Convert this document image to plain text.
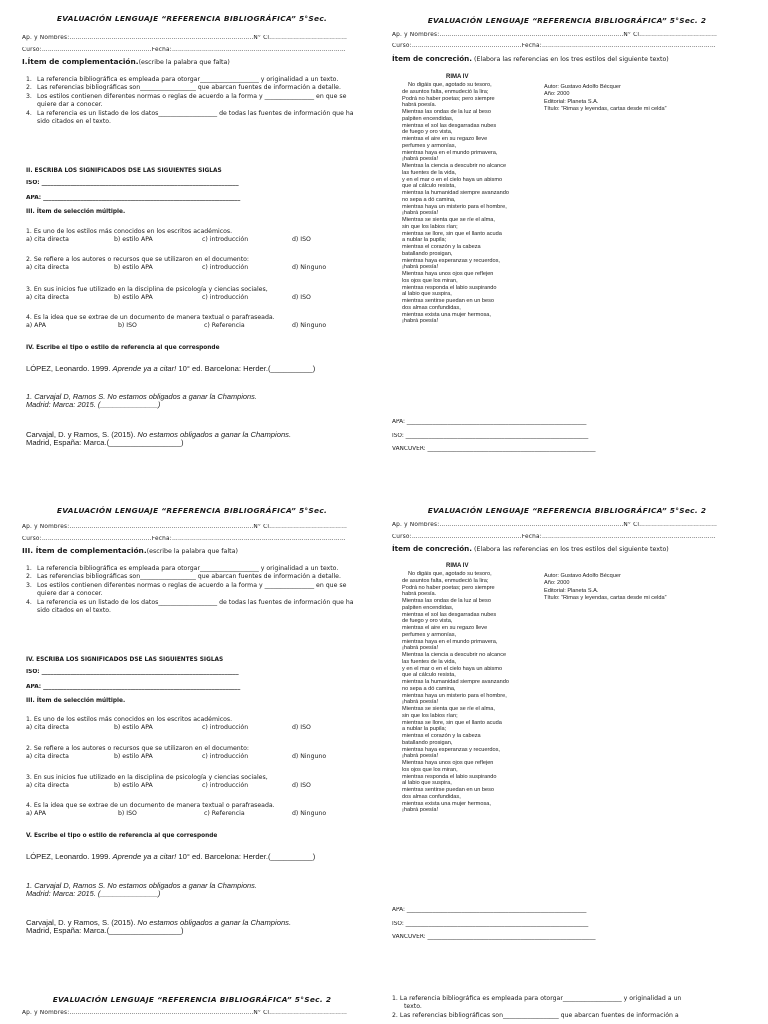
EVALUACIÓN LENGUAJE “REFERENCIA BIBLIOGRÁFICA” 5°Sec.
Ap. y Nombres:………………………………………………………………………………..N° Cl…………………………………
Curso:……………………………………………….Fecha:……………………………………………………………………………
I.Ítem de complementación.(escribe la palabra que falta)
1. La referencia bibliográfica es empleada para otorgar___________________ y originalidad a un texto.
2. Las referencias bibliográficas son__________________ que abarcan fuentes de información a detalle.
3. Los estilos contienen diferentes normas o reglas de acuerdo a la forma y ________________ en que se quiere dar a conocer.
4. La referencia es un listado de los datos___________________ de todas las fuentes de información que ha sido citados en el texto.
II. ESCRIBA LOS SIGNIFICADOS DSE LAS SIGUIENTES SIGLAS
ISO: ____________________________________________________________________
APA: ____________________________________________________________________
III. Ítem de selección múltiple.
1. Es uno de los estilos más conocidos en los escritos académicos.
a) cita directa	b) estilo APA	c) introducción	d) ISO
2. Se refiere a los autores o recursos que se utilizaron en el documento:
a) cita directa	b) estilo APA	c) introducción	d) Ninguno
3. En sus inicios fue utilizado en la disciplina de psicología y ciencias sociales,
a) cita directa	b) estilo APA	c) introducción	d) ISO
4. Es la idea que se extrae de un documento de manera textual o parafraseada.
a) APA	b) ISO	c) Referencia	d) Ninguno
IV. Escribe el tipo o estilo de referencia al que corresponde
LÓPEZ, Leonardo. 1999. Aprende ya a citar! 10° ed. Barcelona: Herder.(__________)
1. Carvajal D, Ramos S. No estamos obligados a ganar la Champions.
Madrid: Marca: 2015. (______________)
Carvajal, D. y Ramos, S. (2015). No estamos obligados a ganar la Champions.
Madrid, España: Marca.(_________________)
EVALUACIÓN LENGUAJE “REFERENCIA BIBLIOGRÁFICA” 5°Sec. 2
Ap. y Nombres:………………………………………………………………………………..N° Cl…………………………………
Curso:……………………………………………….Fecha:……………………………………………………………………………
Ítem de concreción. (Elabora las referencias en los tres estilos del siguiente texto)
RIMA IV
No digáis que, agotado su tesoro,
de asuntos falta, enmudeció la lira;
Podrá no haber poetas; pero siempre
habrá poesía.
Mientras las ondas de la luz al beso
palpiten encendidas,
mientras el sol las desgarradas nubes
de fuego y oro vista,
mientras el aire en su regazo lleve
perfumes y armonías,
mientras haya en el mundo primavera,
¡habrá poesía!
Mientras la ciencia a descubrir no alcance
las fuentes de la vida,
y en el mar o en el cielo haya un abismo
que al cálculo resista,
mientras la humanidad siempre avanzando
no sepa a dó camina,
mientras haya un misterio para el hombre,
¡habrá poesía!
Mientras se sienta que se ríe el alma,
sin que los labios rían;
mientras se llore, sin que el llanto acuda
a nublar la pupila;
mientras el corazón y la cabeza
batallando prosigan,
mientras haya esperanzas y recuerdos,
¡habrá poesía!
Mientras haya unos ojos que reflejen
los ojos que los miran,
mientras responda el labio suspirando
al labio que suspira,
mientras sentirse puedan en un beso
dos almas confundidas,
mientras exista una mujer hermosa,
¡habrá poesía!
Autor: Gustavo Adolfo Bécquer
Año: 2000
Editorial: Planeta S.A.
Título: “Rimas y leyendas, cartas desde mi celda”
APA: ______________________________________________________________
ISO: _______________________________________________________________
VANCUVER: __________________________________________________________
EVALUACIÓN LENGUAJE “REFERENCIA BIBLIOGRÁFICA” 5°Sec.
Ap. y Nombres:………………………………………………………………………………..N° Cl…………………………………
Curso:……………………………………………….Fecha:……………………………………………………………………………
III. Ítem de complementación.(escribe la palabra que falta)
1. La referencia bibliográfica es empleada para otorgar___________________ y originalidad a un texto.
2. Las referencias bibliográficas son__________________ que abarcan fuentes de información a detalle.
3. Los estilos contienen diferentes normas o reglas de acuerdo a la forma y ________________ en que se quiere dar a conocer.
4. La referencia es un listado de los datos___________________ de todas las fuentes de información que ha sido citados en el texto.
IV. ESCRIBA LOS SIGNIFICADOS DSE LAS SIGUIENTES SIGLAS
ISO: ____________________________________________________________________
APA: ____________________________________________________________________
III. Ítem de selección múltiple.
1. Es uno de los estilos más conocidos en los escritos académicos.
a) cita directa	b) estilo APA	c) introducción	d) ISO
2. Se refiere a los autores o recursos que se utilizaron en el documento:
a) cita directa	b) estilo APA	c) introducción	d) Ninguno
3. En sus inicios fue utilizado en la disciplina de psicología y ciencias sociales,
a) cita directa	b) estilo APA	c) introducción	d) ISO
4. Es la idea que se extrae de un documento de manera textual o parafraseada.
a) APA	b) ISO	c) Referencia	d) Ninguno
V. Escribe el tipo o estilo de referencia al que corresponde
LÓPEZ, Leonardo. 1999. Aprende ya a citar! 10° ed. Barcelona: Herder.(__________)
1. Carvajal D, Ramos S. No estamos obligados a ganar la Champions.
Madrid: Marca: 2015. (______________)
Carvajal, D. y Ramos, S. (2015). No estamos obligados a ganar la Champions.
Madrid, España: Marca.(_________________)
EVALUACIÓN LENGUAJE “REFERENCIA BIBLIOGRÁFICA” 5°Sec. 2
Ap. y Nombres:………………………………………………………………………………..N° Cl…………………………………
Curso:……………………………………………….Fecha:……………………………………………………………………………
Ítem de concreción. (Elabora las referencias en los tres estilos del siguiente texto)
RIMA IV
No digáis que, agotado su tesoro,
de asuntos falta, enmudeció la lira;
Podrá no haber poetas; pero siempre
habrá poesía.
Mientras las ondas de la luz al beso
palpiten encendidas,
mientras el sol las desgarradas nubes
de fuego y oro vista,
mientras el aire en su regazo lleve
perfumes y armonías,
mientras haya en el mundo primavera,
¡habrá poesía!
Mientras la ciencia a descubrir no alcance
las fuentes de la vida,
y en el mar o en el cielo haya un abismo
que al cálculo resista,
mientras la humanidad siempre avanzando
no sepa a dó camina,
mientras haya un misterio para el hombre,
¡habrá poesía!
Mientras se sienta que se ríe el alma,
sin que los labios rían;
mientras se llore, sin que el llanto acuda
a nublar la pupila;
mientras el corazón y la cabeza
batallando prosigan,
mientras haya esperanzas y recuerdos,
¡habrá poesía!
Mientras haya unos ojos que reflejen
los ojos que los miran,
mientras responda el labio suspirando
al labio que suspira,
mientras sentirse puedan en un beso
dos almas confundidas,
mientras exista una mujer hermosa,
¡habrá poesía!
Autor: Gustavo Adolfo Bécquer
Año: 2000
Editorial: Planeta S.A.
Título: “Rimas y leyendas, cartas desde mi celda”
APA: ______________________________________________________________
ISO: _______________________________________________________________
VANCUVER: __________________________________________________________
EVALUACIÓN LENGUAJE “REFERENCIA BIBLIOGRÁFICA” 5°Sec. 2
Ap. y Nombres:………………………………………………………………………………..N° Cl…………………………………
1. La referencia bibliográfica es empleada para otorgar___________________ y originalidad a un
texto.
2. Las referencias bibliográficas son__________________ que abarcan fuentes de información a
